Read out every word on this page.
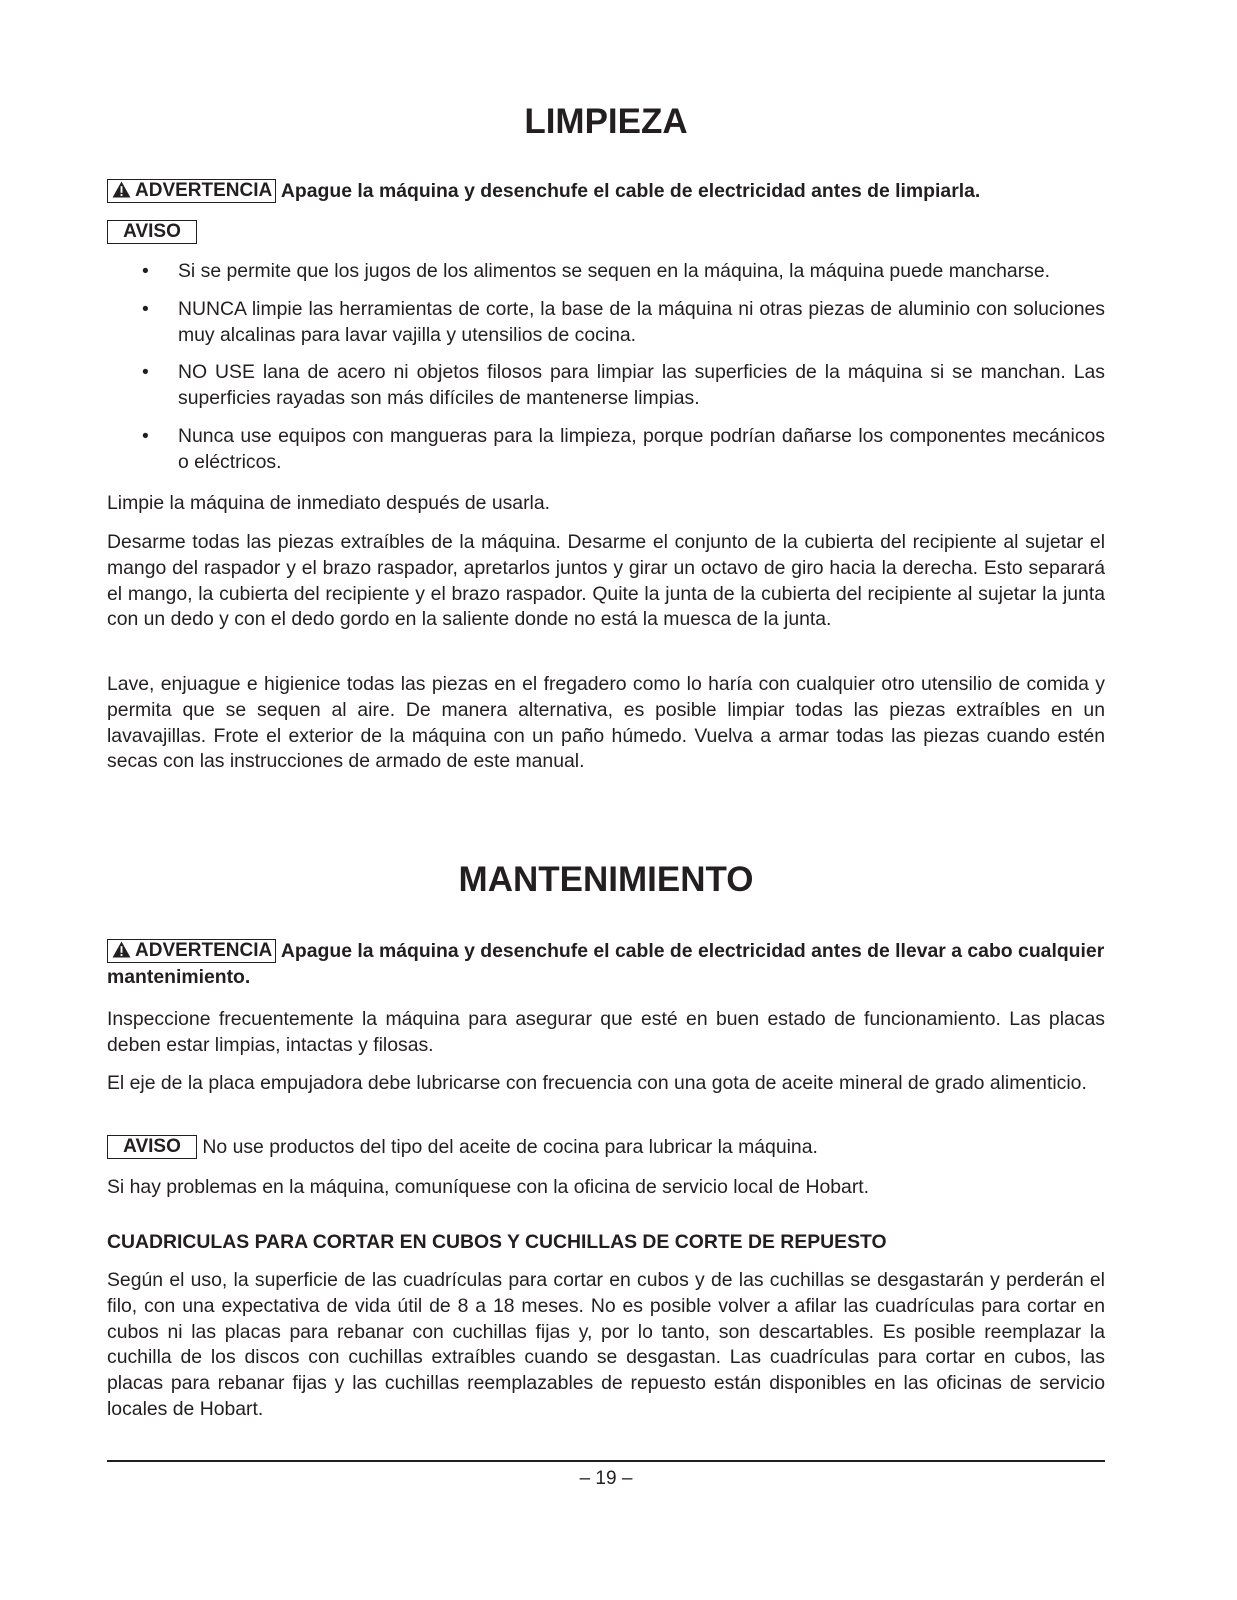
LIMPIEZA

ADVERTENCIA Apague la máquina y desenchufe el cable de electricidad antes de limpiarla.

AVISO
• Si se permite que los jugos de los alimentos se sequen en la máquina, la máquina puede mancharse.
• NUNCA limpie las herramientas de corte, la base de la máquina ni otras piezas de aluminio con soluciones muy alcalinas para lavar vajilla y utensilios de cocina.
• NO USE lana de acero ni objetos filosos para limpiar las superficies de la máquina si se manchan. Las superficies rayadas son más difíciles de mantenerse limpias.
• Nunca use equipos con mangueras para la limpieza, porque podrían dañarse los componentes mecánicos o eléctricos.

Limpie la máquina de inmediato después de usarla.

Desarme todas las piezas extraíbles de la máquina. Desarme el conjunto de la cubierta del recipiente al sujetar el mango del raspador y el brazo raspador, apretarlos juntos y girar un octavo de giro hacia la derecha. Esto separará el mango, la cubierta del recipiente y el brazo raspador. Quite la junta de la cubierta del recipiente al sujetar la junta con un dedo y con el dedo gordo en la saliente donde no está la muesca de la junta.

Lave, enjuague e higienice todas las piezas en el fregadero como lo haría con cualquier otro utensilio de comida y permita que se sequen al aire. De manera alternativa, es posible limpiar todas las piezas extraíbles en un lavavajillas. Frote el exterior de la máquina con un paño húmedo. Vuelva a armar todas las piezas cuando estén secas con las instrucciones de armado de este manual.

MANTENIMIENTO

ADVERTENCIA Apague la máquina y desenchufe el cable de electricidad antes de llevar a cabo cualquier mantenimiento.

Inspeccione frecuentemente la máquina para asegurar que esté en buen estado de funcionamiento. Las placas deben estar limpias, intactas y filosas.

El eje de la placa empujadora debe lubricarse con frecuencia con una gota de aceite mineral de grado alimenticio.

AVISO No use productos del tipo del aceite de cocina para lubricar la máquina.

Si hay problemas en la máquina, comuníquese con la oficina de servicio local de Hobart.

CUADRICULAS PARA CORTAR EN CUBOS Y CUCHILLAS DE CORTE DE REPUESTO

Según el uso, la superficie de las cuadrículas para cortar en cubos y de las cuchillas se desgastarán y perderán el filo, con una expectativa de vida útil de 8 a 18 meses. No es posible volver a afilar las cuadrículas para cortar en cubos ni las placas para rebanar con cuchillas fijas y, por lo tanto, son descartables. Es posible reemplazar la cuchilla de los discos con cuchillas extraíbles cuando se desgastan. Las cuadrículas para cortar en cubos, las placas para rebanar fijas y las cuchillas reemplazables de repuesto están disponibles en las oficinas de servicio locales de Hobart.

– 19 –
